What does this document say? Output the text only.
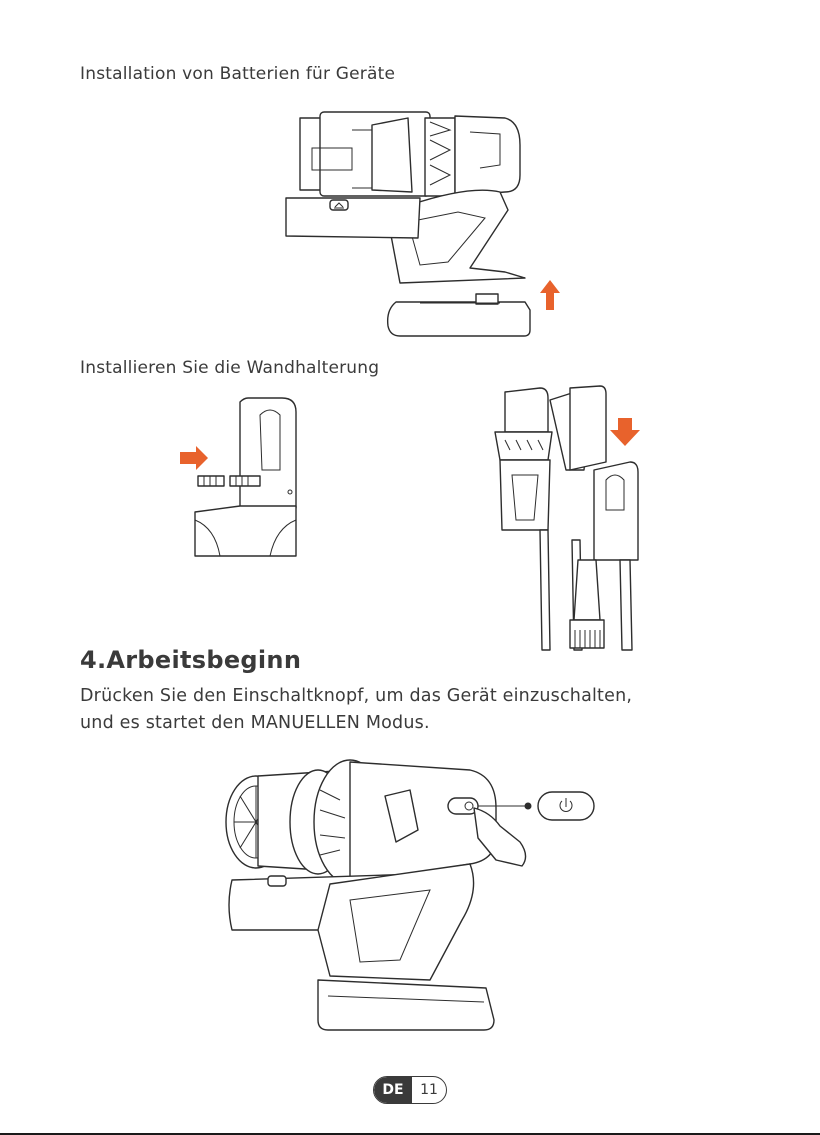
Installation von Batterien für Geräte
Installieren Sie die Wandhalterung
4.Arbeitsbeginn
Drücken Sie den Einschaltknopf, um das Gerät einzuschalten,
und es startet den MANUELLEN Modus.
DE	11
